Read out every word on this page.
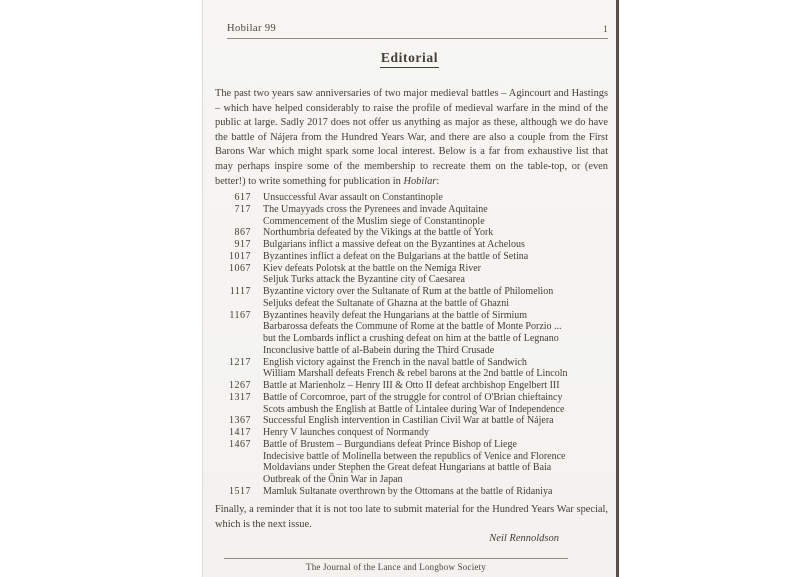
Hobilar 99	1
Editorial
The past two years saw anniversaries of two major medieval battles – Agincourt and Hastings – which have helped considerably to raise the profile of medieval warfare in the mind of the public at large. Sadly 2017 does not offer us anything as major as these, although we do have the battle of Nájera from the Hundred Years War, and there are also a couple from the First Barons War which might spark some local interest. Below is a far from exhaustive list that may perhaps inspire some of the membership to recreate them on the table-top, or (even better!) to write something for publication in Hobilar:
617 Unsuccessful Avar assault on Constantinople
717 The Umayyads cross the Pyrenees and invade Aquitaine
Commencement of the Muslim siege of Constantinople
867 Northumbria defeated by the Vikings at the battle of York
917 Bulgarians inflict a massive defeat on the Byzantines at Achelous
1017 Byzantines inflict a defeat on the Bulgarians at the battle of Setina
1067 Kiev defeats Polotsk at the battle on the Nemiga River
Seljuk Turks attack the Byzantine city of Caesarea
1117 Byzantine victory over the Sultanate of Rum at the battle of Philomelion
Seljuks defeat the Sultanate of Ghazna at the battle of Ghazni
1167 Byzantines heavily defeat the Hungarians at the battle of Sirmium
Barbarossa defeats the Commune of Rome at the battle of Monte Porzio ...
but the Lombards inflict a crushing defeat on him at the battle of Legnano
Inconclusive battle of al-Babein during the Third Crusade
1217 English victory against the French in the naval battle of Sandwich
William Marshall defeats French & rebel barons at the 2nd battle of Lincoln
1267 Battle at Marienholz – Henry III & Otto II defeat archbishop Engelbert III
1317 Battle of Corcomroe, part of the struggle for control of O'Brian chieftaincy
Scots ambush the English at Battle of Lintalee during War of Independence
1367 Successful English intervention in Castilian Civil War at battle of Nájera
1417 Henry V launches conquest of Normandy
1467 Battle of Brustem – Burgundians defeat Prince Bishop of Liege
Indecisive battle of Molinella between the republics of Venice and Florence
Moldavians under Stephen the Great defeat Hungarians at battle of Baia
Outbreak of the Ōnin War in Japan
1517 Mamluk Sultanate overthrown by the Ottomans at the battle of Ridaniya
Finally, a reminder that it is not too late to submit material for the Hundred Years War special, which is the next issue.
Neil Rennoldson
The Journal of the Lance and Longbow Society
